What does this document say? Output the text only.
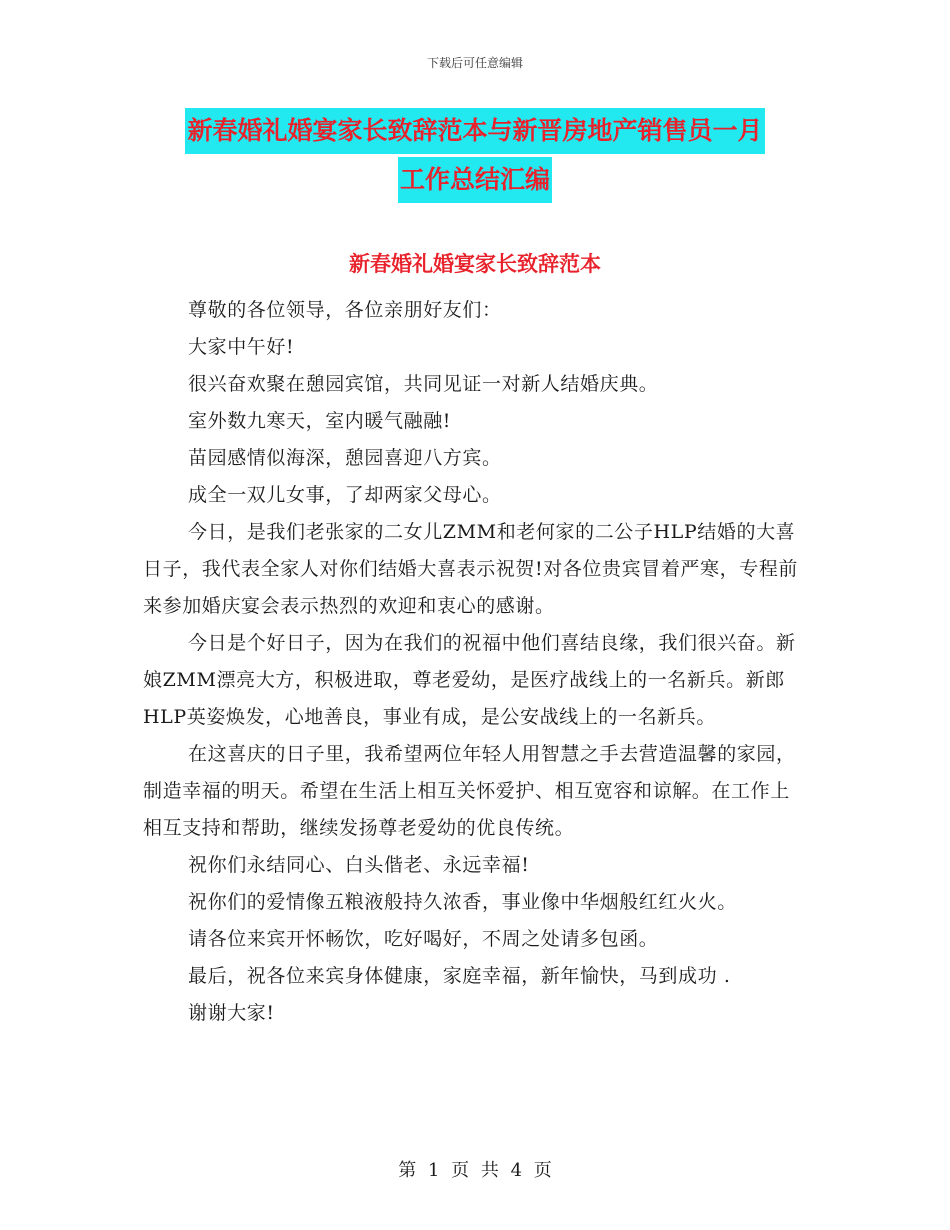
下载后可任意编辑
新春婚礼婚宴家长致辞范本与新晋房地产销售员一月
工作总结汇编
新春婚礼婚宴家长致辞范本

尊敬的各位领导，各位亲朋好友们：

大家中午好!

很兴奋欢聚在憩园宾馆，共同见证一对新人结婚庆典。

室外数九寒天，室内暖气融融!

苗园感情似海深，憩园喜迎八方宾。

成全一双儿女事，了却两家父母心。

今日，是我们老张家的二女儿ZMM和老何家的二公子HLP结婚的大喜日子，我代表全家人对你们结婚大喜表示祝贺!对各位贵宾冒着严寒，专程前来参加婚庆宴会表示热烈的欢迎和衷心的感谢。

今日是个好日子，因为在我们的祝福中他们喜结良缘，我们很兴奋。新娘ZMM漂亮大方，积极进取，尊老爱幼，是医疗战线上的一名新兵。新郎HLP英姿焕发，心地善良，事业有成，是公安战线上的一名新兵。

在这喜庆的日子里，我希望两位年轻人用智慧之手去营造温馨的家园，制造幸福的明天。希望在生活上相互关怀爱护、相互宽容和谅解。在工作上相互支持和帮助，继续发扬尊老爱幼的优良传统。

祝你们永结同心、白头偕老、永远幸福!

祝你们的爱情像五粮液般持久浓香，事业像中华烟般红红火火。

请各位来宾开怀畅饮，吃好喝好，不周之处请多包函。

最后，祝各位来宾身体健康，家庭幸福，新年愉快，马到成功 .

谢谢大家!

第 1 页 共 4 页
